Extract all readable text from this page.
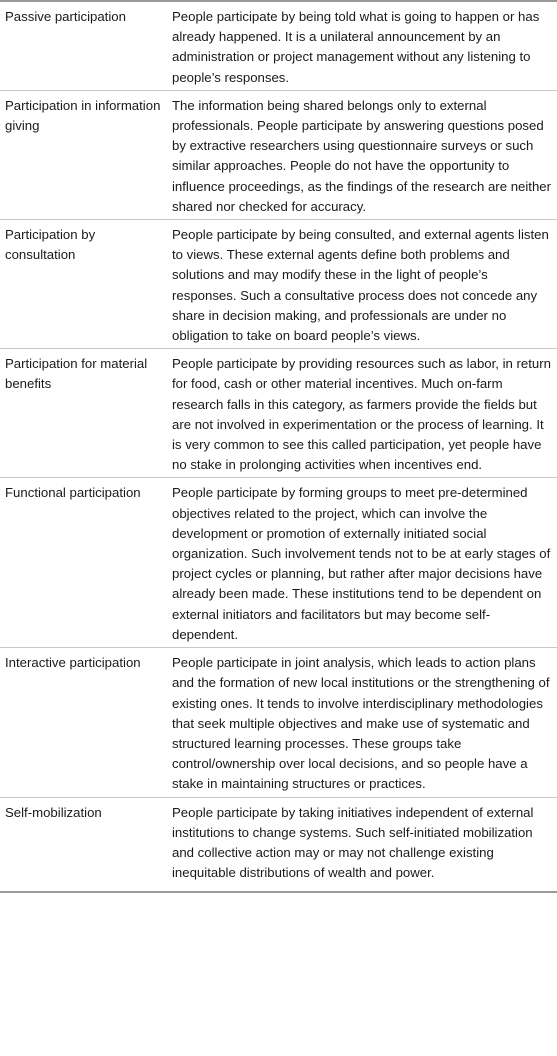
Passive participation	People participate by being told what is going to happen or has already happened. It is a unilateral announcement by an administration or project management without any listening to people’s responses.
Participation in information giving	The information being shared belongs only to external professionals. People participate by answering questions posed by extractive researchers using questionnaire surveys or such similar approaches. People do not have the opportunity to influence proceedings, as the findings of the research are neither shared nor checked for accuracy.
Participation by consultation	People participate by being consulted, and external agents listen to views. These external agents define both problems and solutions and may modify these in the light of people’s responses. Such a consultative process does not concede any share in decision making, and professionals are under no obligation to take on board people’s views.
Participation for material benefits	People participate by providing resources such as labor, in return for food, cash or other material incentives. Much on-farm research falls in this category, as farmers provide the fields but are not involved in experimentation or the process of learning. It is very common to see this called participation, yet people have no stake in prolonging activities when incentives end.
Functional participation	People participate by forming groups to meet pre-determined objectives related to the project, which can involve the development or promotion of externally initiated social organization. Such involvement tends not to be at early stages of project cycles or planning, but rather after major decisions have already been made. These institutions tend to be dependent on external initiators and facilitators but may become self-dependent.
Interactive participation	People participate in joint analysis, which leads to action plans and the formation of new local institutions or the strengthening of existing ones. It tends to involve interdisciplinary methodologies that seek multiple objectives and make use of systematic and structured learning processes. These groups take control/ownership over local decisions, and so people have a stake in maintaining structures or practices.
Self-mobilization	People participate by taking initiatives independent of external institutions to change systems. Such self-initiated mobilization and collective action may or may not challenge existing inequitable distributions of wealth and power.
